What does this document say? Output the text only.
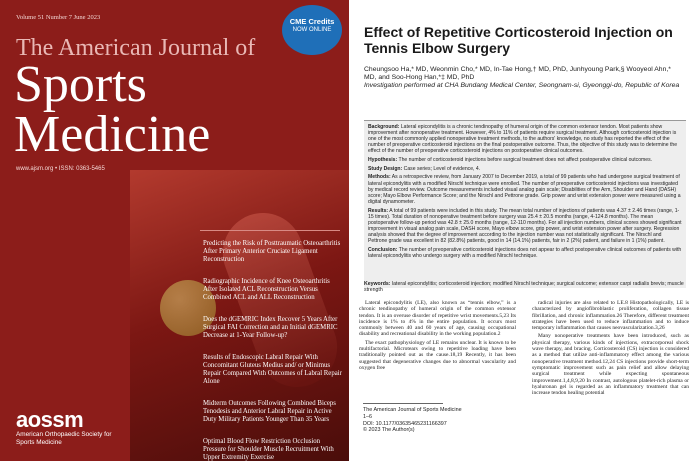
Volume 51 Number 7 June 2023	CME Credits
NOW ONLINE
The American Journal of
Sports
Medicine
www.ajsm.org • ISSN: 0363-5465
Predicting the Risk of Posttraumatic Osteoarthritis After Primary Anterior Cruciate Ligament Reconstruction
Radiographic Incidence of Knee Osteoarthritis After Isolated ACL Reconstruction Versus Combined ACL and ALL Reconstruction
Does the dGEMRIC Index Recover 5 Years After Surgical FAI Correction and an Initial dGEMRIC Decrease at 1-Year Follow-up?
Results of Endoscopic Labral Repair With Concomitant Gluteus Medius and/ or Minimus Repair Compared With Outcomes of Labral Repair Alone
Midterm Outcomes Following Combined Biceps Tenodesis and Anterior Labral Repair in Active Duty Military Patients Younger Than 35 Years
Optimal Blood Flow Restriction Occlusion Pressure for Shoulder Muscle Recruitment With Upper Extremity Exercise
aossm
American Orthopaedic Society for Sports Medicine
Effect of Repetitive Corticosteroid Injection on Tennis Elbow Surgery
Cheungsoo Ha,* MD, Weonmin Cho,* MD, In-Tae Hong,† MD, PhD, Junhyoung Park,§ Wooyeol Ahn,* MD, and Soo-Hong Han,*‡ MD, PhD
Investigation performed at CHA Bundang Medical Center, Seongnam-si, Gyeonggi-do, Republic of Korea

Background: Lateral epicondylitis is a chronic tendinopathy of humeral origin of the common extensor tendon. Most patients show improvement after nonoperative treatment. However, 4% to 11% of patients require surgical treatment. Although corticosteroid injection is one of the most commonly applied nonoperative treatment methods, to the authors' knowledge, no study has reported the effect of the number of preoperative corticosteroid injections on the final postoperative outcome. Thus, the objective of this study was to determine the effect of the number of preoperative corticosteroid injections on postoperative clinical outcomes.

Hypothesis: The number of corticosteroid injections before surgical treatment does not affect postoperative clinical outcomes.

Study Design: Case series; Level of evidence, 4.

Methods: As a retrospective review, from January 2007 to December 2019, a total of 99 patients who had undergone surgical treatment of lateral epicondylitis with a modified Nirschl technique were enrolled. The number of preoperative corticosteroid injections was investigated by medical record review. Outcome measurements included visual analog pain scale; Disabilities of the Arm, Shoulder and Hand (DASH) score; Mayo Elbow Performance Score; and the Nirschl and Pettrone grade. Grip power and wrist extension power were measured using a digital dynamometer.

Results: A total of 99 patients were included in this study. The mean total number of injections of patients was 4.37 ± 2.46 times (range, 1-15 times). Total duration of nonoperative treatment before surgery was 25.4 ± 20.5 months (range, 4-124.8 months). The mean postoperative follow-up period was 42.8 ± 25.0 months (range, 12-110 months). For all injection numbers, clinical scores showed significant improvement in visual analog pain scale, DASH score, Mayo elbow score, grip power, and wrist extension power after surgery. Regression analysis showed that the degree of improvement according to the injection number was not statistically significant. The Nirschl and Pettrone grade was excellent in 82 (82.8%) patients, good in 14 (14.1%) patients, fair in 2 (2%) patient, and failure in 1 (1%) patient.

Conclusion: The number of preoperative corticosteroid injections does not appear to affect postoperative clinical outcomes of patients with lateral epicondylitis who undergo surgery with a modified Nirschl technique.

Keywords: lateral epicondylitis; corticosteroid injection; modified Nirschl technique; surgical outcome; extensor carpi radialis brevis; muscle strength

Lateral epicondylitis (LE), also known as “tennis elbow,” is a chronic tendinopathy of humeral origin of the common extensor tendon. It is an overuse disorder of repetitive wrist movements.5,23 Its incidence is 1% to 4% in the entire population. It occurs most commonly between 40 and 60 years of age, causing occupational disability and recreational disability in the working population.2

The exact pathophysiology of LE remains unclear. It is known to be multifactorial. Microtears owing to repetitive loading have been traditionally pointed out as the cause.18,19 Recently, it has been suggested that degenerative changes due to abnormal vascularity and oxygen free

The American Journal of Sports Medicine
1–6
DOI: 10.1177/03635465231166397
© 2023 The Author(s)

radical injuries are also related to LE.8 Histopathologically, LE is characterized by angiofibroblastic proliferation, collagen tissue fibrillation, and chronic inflammation.26 Therefore, different treatment strategies have been used to reduce inflammation and to induce temporary inflammation that causes neovascularization.3,26

Many nonoperative treatments have been introduced, such as physical therapy, various kinds of injections, extracorporeal shock wave therapy, and bracing. Corticosteroid (CS) injection is considered as a method that utilize anti-inflammatory effect among the various nonoperative treatment method.12,24 CS injections provide short-term symptomatic improvement such as pain relief and allow delaying surgical treatment while expecting spontaneous improvement.1,4,8,9,20 In contrast, autologous platelet-rich plasma or hyaluronan gel is regarded as an inflammatory treatment that can increase tendon healing potential
